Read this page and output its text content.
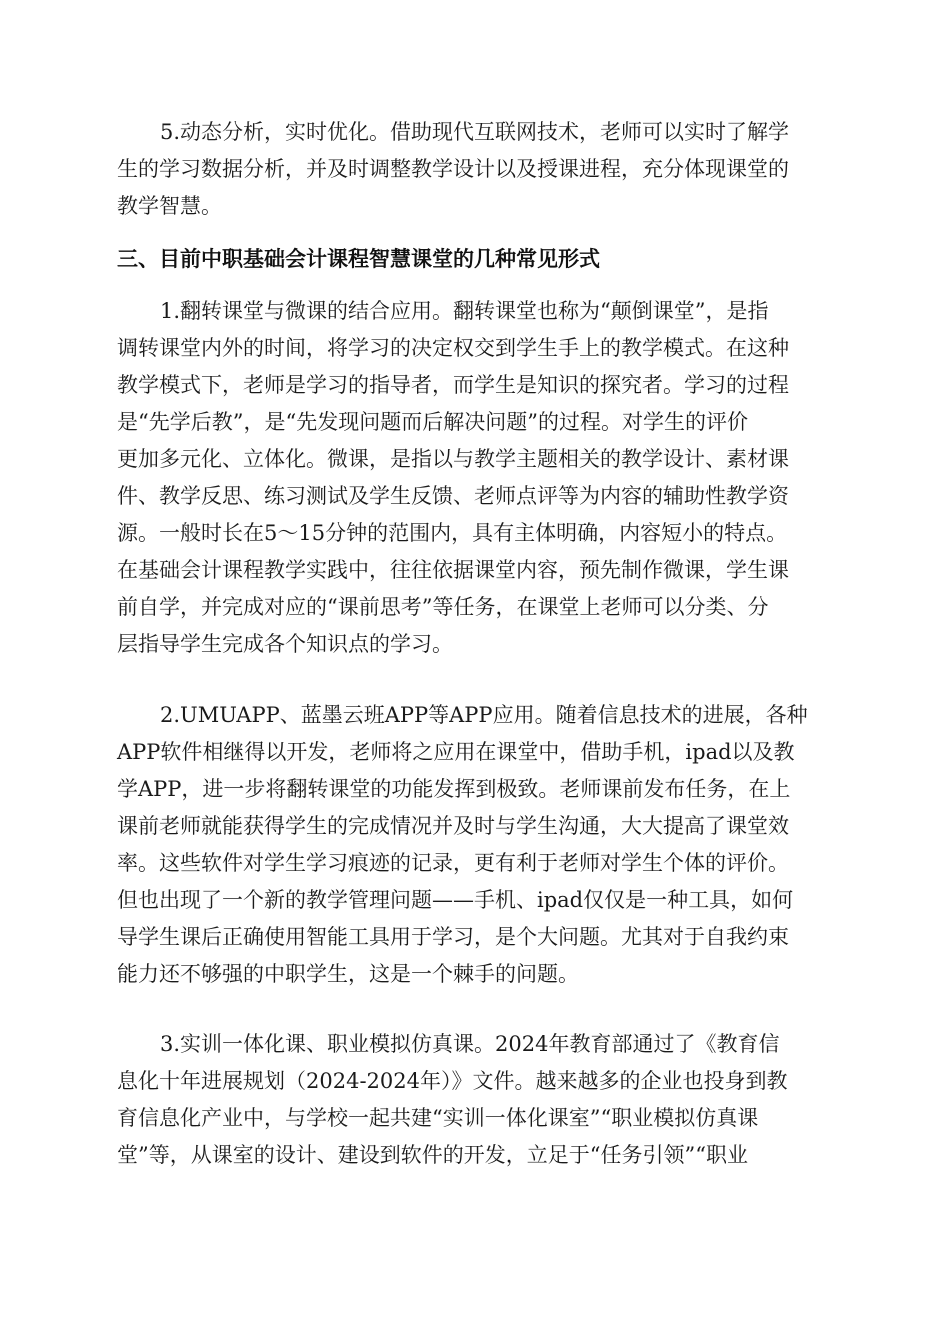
5.动态分析，实时优化。借助现代互联网技术，老师可以实时了解学
生的学习数据分析，并及时调整教学设计以及授课进程，充分体现课堂的
教学智慧。
三、目前中职基础会计课程智慧课堂的几种常见形式
1.翻转课堂与微课的结合应用。翻转课堂也称为“颠倒课堂”，是指
调转课堂内外的时间，将学习的决定权交到学生手上的教学模式。在这种
教学模式下，老师是学习的指导者，而学生是知识的探究者。学习的过程
是“先学后教”，是“先发现问题而后解决问题”的过程。对学生的评价
更加多元化、立体化。微课，是指以与教学主题相关的教学设计、素材课
件、教学反思、练习测试及学生反馈、老师点评等为内容的辅助性教学资
源。一般时长在5～15分钟的范围内，具有主体明确，内容短小的特点。
在基础会计课程教学实践中，往往依据课堂内容，预先制作微课，学生课
前自学，并完成对应的“课前思考”等任务，在课堂上老师可以分类、分
层指导学生完成各个知识点的学习。
2.UMUAPP、蓝墨云班APP等APP应用。随着信息技术的进展，各种
APP软件相继得以开发，老师将之应用在课堂中，借助手机，ipad以及教
学APP，进一步将翻转课堂的功能发挥到极致。老师课前发布任务，在上
课前老师就能获得学生的完成情况并及时与学生沟通，大大提高了课堂效
率。这些软件对学生学习痕迹的记录，更有利于老师对学生个体的评价。
但也出现了一个新的教学管理问题——手机、ipad仅仅是一种工具，如何
导学生课后正确使用智能工具用于学习，是个大问题。尤其对于自我约束
能力还不够强的中职学生，这是一个棘手的问题。
3.实训一体化课、职业模拟仿真课。2024年教育部通过了《教育信
息化十年进展规划（2024-2024年）》文件。越来越多的企业也投身到教
育信息化产业中，与学校一起共建“实训一体化课室”“职业模拟仿真课
堂”等，从课室的设计、建设到软件的开发，立足于“任务引领”“职业
